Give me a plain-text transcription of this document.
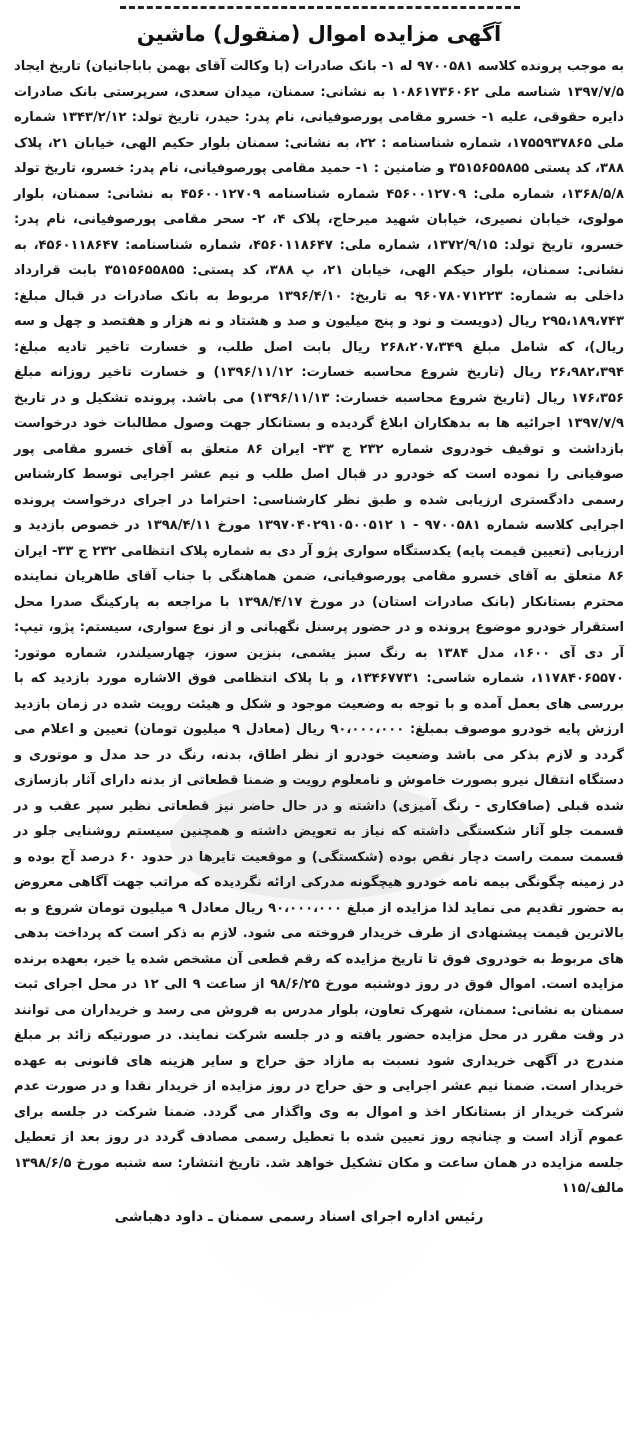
آگهی مزایده اموال (منقول) ماشین

به موجب پرونده کلاسه ۹۷۰۰۵۸۱ له ۱- بانک صادرات (با وکالت آقای بهمن باباجانیان) تاریخ ایجاد ۱۳۹۷/۷/۵ شناسه ملی ۱۰۸۶۱۷۳۶۰۶۲ به نشانی: سمنان، میدان سعدی، سرپرستی بانک صادرات دایره حقوقی، علیه ۱- خسرو مقامی پورصوفیانی، نام پدر: حیدر، تاریخ تولد: ۱۳۴۳/۲/۱۲ شماره ملی ۱۷۵۵۹۳۷۸۶۵، شماره شناسنامه : ۲۲، به نشانی: سمنان بلوار حکیم الهی، خیابان ۲۱، پلاک ۳۸۸، کد پستی ۳۵۱۵۶۵۵۸۵۵ و ضامنین : ۱- حمید مقامی پورصوفیانی، نام پدر: خسرو، تاریخ تولد ۱۳۶۸/۵/۸، شماره ملی: ۴۵۶۰۰۱۲۷۰۹ شماره شناسنامه ۴۵۶۰۰۱۲۷۰۹ به نشانی: سمنان، بلوار مولوی، خیابان نصیری، خیابان شهید میرحاج، پلاک ۴، ۲- سحر مقامی پورصوفیانی، نام پدر: خسرو، تاریخ تولد: ۱۳۷۲/۹/۱۵، شماره ملی: ۴۵۶۰۱۱۸۶۴۷، شماره شناسنامه: ۴۵۶۰۱۱۸۶۴۷، به نشانی: سمنان، بلوار حیکم الهی، خیابان ۲۱، پ ۳۸۸، کد پستی: ۳۵۱۵۶۵۵۸۵۵ بابت قرارداد داخلی به شماره: ۹۶۰۷۸۰۷۱۲۲۳ به تاریخ: ۱۳۹۶/۴/۱۰ مربوط به بانک صادرات در قبال مبلغ: ۲۹۵،۱۸۹،۷۴۳ ریال (دویست و نود و پنج میلیون و صد و هشتاد و نه هزار و هفتصد و چهل و سه ریال)، که شامل مبلغ ۲۶۸،۲۰۷،۳۴۹ ریال بابت اصل طلب، و خسارت تاخیر تادیه مبلغ: ۲۶،۹۸۲،۳۹۴ ریال (تاریخ شروع محاسبه خسارت: ۱۳۹۶/۱۱/۱۲) و خسارت تاخیر روزانه مبلغ ۱۷۶،۳۵۶ ریال (تاریخ شروع محاسبه خسارت: ۱۳۹۶/۱۱/۱۳) می باشد. پرونده تشکیل و در تاریخ ۱۳۹۷/۷/۹ اجرائیه ها به بدهکاران ابلاغ گردیده و بستانکار جهت وصول مطالبات خود درخواست بازداشت و توقیف خودروی شماره ۲۳۲ ج ۳۳- ایران ۸۶ متعلق به آقای خسرو مقامی پور صوفیانی را نموده است که خودرو در قبال اصل طلب و نیم عشر اجرایی توسط کارشناس رسمی دادگستری ارزیابی شده و طبق نظر کارشناسی: احتراما در اجرای درخواست پرونده اجرایی کلاسه شماره ۹۷۰۰۵۸۱ - ۱ ۱۳۹۷۰۴۰۲۹۱۰۵۰۰۵۱۲ مورخ ۱۳۹۸/۴/۱۱ در خصوص بازدید و ارزیابی (تعیین قیمت پایه) یکدستگاه سواری پژو آر دی به شماره پلاک انتظامی ۲۳۲ ج ۳۳- ایران ۸۶ متعلق به آقای خسرو مقامی پورصوفیانی، ضمن هماهنگی با جناب آقای طاهریان نماینده محترم بستانکار (بانک صادرات استان) در مورخ ۱۳۹۸/۴/۱۷ با مراجعه به پارکینگ صدرا محل استقرار خودرو موضوع پرونده و در حضور پرسنل نگهبانی و از نوع سواری، سیستم: پژو، تیپ: آر دی آی ۱۶۰۰، مدل ۱۳۸۴ به رنگ سبز یشمی، بنزین سوز، چهارسیلندر، شماره موتور: ۱۱۷۸۴۰۶۵۵۷۰، شماره شاسی: ۱۳۴۶۷۷۳۱، و با پلاک انتظامی فوق الاشاره مورد بازدید که با بررسی های بعمل آمده و با توجه به وضعیت موجود و شکل و هیئت رویت شده در زمان بازدید ارزش پایه خودرو موصوف بمبلغ: ۹۰،۰۰۰،۰۰۰ ریال (معادل ۹ میلیون تومان) تعیین و اعلام می گردد و لازم بذکر می باشد وضعیت خودرو از نظر اطاق، بدنه، رنگ در حد مدل و موتوری و دستگاه انتقال نیرو بصورت خاموش و نامعلوم رویت و ضمنا قطعاتی از بدنه دارای آثار بازسازی شده قبلی (صافکاری - رنگ آمیزی) داشته و در حال حاضر نیز قطعاتی نظیر سپر عقب و در قسمت جلو آثار شکستگی داشته که نیاز به تعویض داشته و همچنین سیستم روشنایی جلو در قسمت سمت راست دچار نقص بوده (شکستگی) و موقعیت تایرها در حدود ۶۰ درصد آج بوده و در زمینه چگونگی بیمه نامه خودرو هیچگونه مدرکی ارائه نگردیده که مراتب جهت آگاهی معروض به حضور تقدیم می نماید لذا مزایده از مبلغ ۹۰،۰۰۰،۰۰۰ ریال معادل ۹ میلیون تومان شروع و به بالاترین قیمت پیشنهادی از طرف خریدار فروخته می شود. لازم به ذکر است که پرداخت بدهی های مربوط به خودروی فوق تا تاریخ مزایده که رقم قطعی آن مشخص شده یا خیر، بعهده برنده مزایده است. اموال فوق در روز دوشنبه مورخ ۹۸/۶/۲۵ از ساعت ۹ الی ۱۲ در محل اجرای ثبت سمنان به نشانی: سمنان، شهرک تعاون، بلوار مدرس به فروش می رسد و خریداران می توانند در وقت مقرر در محل مزایده حضور یافته و در جلسه شرکت نمایند. در صورتیکه زائد بر مبلغ مندرج در آگهی خریداری شود نسبت به مازاد حق حراج و سایر هزینه های قانونی به عهده خریدار است. ضمنا نیم عشر اجرایی و حق حراج در روز مزایده از خریدار نقدا و در صورت عدم شرکت خریدار از بستانکار اخذ و اموال به وی واگذار می گردد. ضمنا شرکت در جلسه برای عموم آزاد است و چنانچه روز تعیین شده با تعطیل رسمی مصادف گردد در روز بعد از تعطیل جلسه مزایده در همان ساعت و مکان تشکیل خواهد شد. تاریخ انتشار: سه شنبه مورخ ۱۳۹۸/۶/۵ مالف/۱۱۵

رئیس اداره اجرای اسناد رسمی سمنان ـ داود دهباشی
